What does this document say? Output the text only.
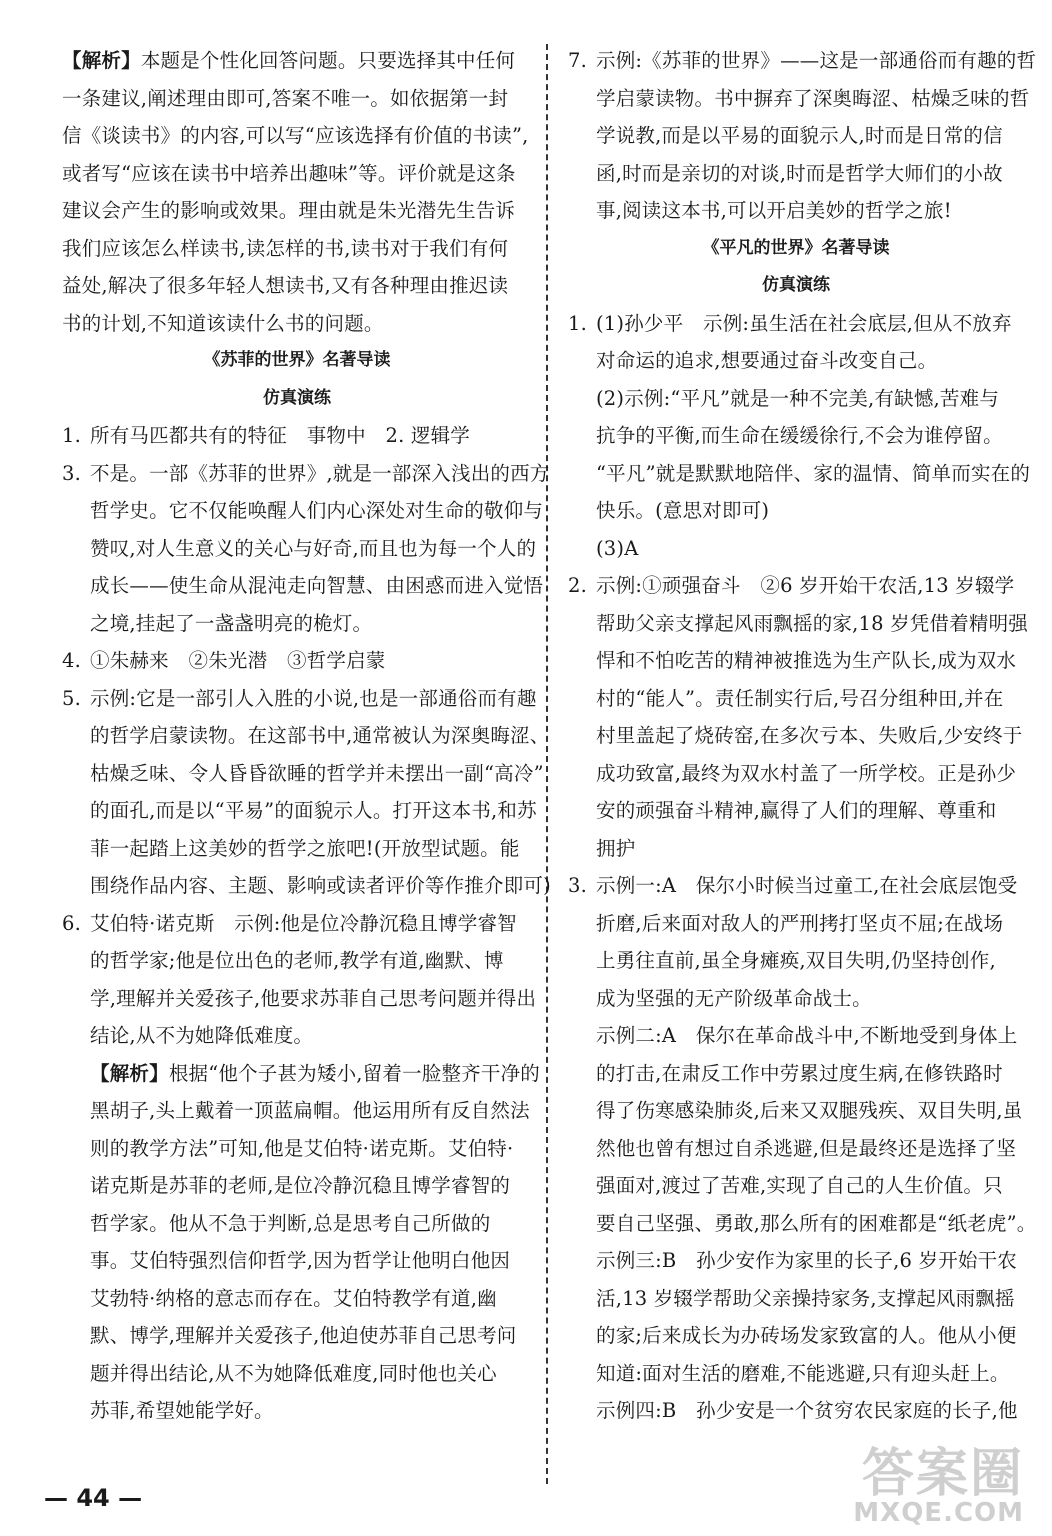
【解析】本题是个性化回答问题。只要选择其中任何
一条建议,阐述理由即可,答案不唯一。如依据第一封
信《谈读书》的内容,可以写“应该选择有价值的书读”,
或者写“应该在读书中培养出趣味”等。评价就是这条
建议会产生的影响或效果。理由就是朱光潜先生告诉
我们应该怎么样读书,读怎样的书,读书对于我们有何
益处,解决了很多年轻人想读书,又有各种理由推迟读
书的计划,不知道该读什么书的问题。
《苏菲的世界》名著导读
仿真演练
1. 所有马匹都共有的特征　事物中　2. 逻辑学
3. 不是。一部《苏菲的世界》,就是一部深入浅出的西方
哲学史。它不仅能唤醒人们内心深处对生命的敬仰与
赞叹,对人生意义的关心与好奇,而且也为每一个人的
成长——使生命从混沌走向智慧、由困惑而进入觉悟
之境,挂起了一盏盏明亮的桅灯。
4. ①朱赫来　②朱光潜　③哲学启蒙
5. 示例:它是一部引人入胜的小说,也是一部通俗而有趣
的哲学启蒙读物。在这部书中,通常被认为深奥晦涩、
枯燥乏味、令人昏昏欲睡的哲学并未摆出一副“高冷”
的面孔,而是以“平易”的面貌示人。打开这本书,和苏
菲一起踏上这美妙的哲学之旅吧!(开放型试题。能
围绕作品内容、主题、影响或读者评价等作推介即可)
6. 艾伯特·诺克斯　示例:他是位冷静沉稳且博学睿智
的哲学家;他是位出色的老师,教学有道,幽默、博
学,理解并关爱孩子,他要求苏菲自己思考问题并得出
结论,从不为她降低难度。
【解析】根据“他个子甚为矮小,留着一脸整齐干净的
黑胡子,头上戴着一顶蓝扁帽。他运用所有反自然法
则的教学方法”可知,他是艾伯特·诺克斯。艾伯特·
诺克斯是苏菲的老师,是位冷静沉稳且博学睿智的
哲学家。他从不急于判断,总是思考自己所做的
事。艾伯特强烈信仰哲学,因为哲学让他明白他因
艾勃特·纳格的意志而存在。艾伯特教学有道,幽
默、博学,理解并关爱孩子,他迫使苏菲自己思考问
题并得出结论,从不为她降低难度,同时他也关心
苏菲,希望她能学好。
7. 示例:《苏菲的世界》——这是一部通俗而有趣的哲
学启蒙读物。书中摒弃了深奥晦涩、枯燥乏味的哲
学说教,而是以平易的面貌示人,时而是日常的信
函,时而是亲切的对谈,时而是哲学大师们的小故
事,阅读这本书,可以开启美妙的哲学之旅!
《平凡的世界》名著导读
仿真演练
1. (1)孙少平　示例:虽生活在社会底层,但从不放弃
对命运的追求,想要通过奋斗改变自己。
(2)示例:“平凡”就是一种不完美,有缺憾,苦难与
抗争的平衡,而生命在缓缓徐行,不会为谁停留。
“平凡”就是默默地陪伴、家的温情、简单而实在的
快乐。(意思对即可)
(3)A
2. 示例:①顽强奋斗　②6 岁开始干农活,13 岁辍学
帮助父亲支撑起风雨飘摇的家,18 岁凭借着精明强
悍和不怕吃苦的精神被推选为生产队长,成为双水
村的“能人”。责任制实行后,号召分组种田,并在
村里盖起了烧砖窑,在多次亏本、失败后,少安终于
成功致富,最终为双水村盖了一所学校。正是孙少
安的顽强奋斗精神,赢得了人们的理解、尊重和
拥护
3. 示例一:A　保尔小时候当过童工,在社会底层饱受
折磨,后来面对敌人的严刑拷打坚贞不屈;在战场
上勇往直前,虽全身瘫痪,双目失明,仍坚持创作,
成为坚强的无产阶级革命战士。
示例二:A　保尔在革命战斗中,不断地受到身体上
的打击,在肃反工作中劳累过度生病,在修铁路时
得了伤寒感染肺炎,后来又双腿残疾、双目失明,虽
然他也曾有想过自杀逃避,但是最终还是选择了坚
强面对,渡过了苦难,实现了自己的人生价值。只
要自己坚强、勇敢,那么所有的困难都是“纸老虎”。
示例三:B　孙少安作为家里的长子,6 岁开始干农
活,13 岁辍学帮助父亲操持家务,支撑起风雨飘摇
的家;后来成长为办砖场发家致富的人。他从小便
知道:面对生活的磨难,不能逃避,只有迎头赶上。
示例四:B　孙少安是一个贫穷农民家庭的长子,他
— 44 —	答案圈
MXQE.COM
